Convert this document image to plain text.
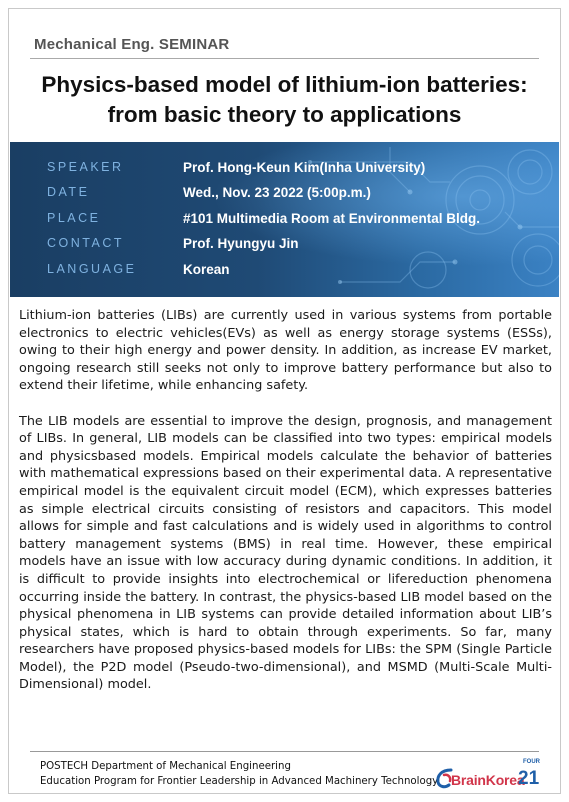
Mechanical Eng. SEMINAR
Physics-based model of lithium-ion batteries:
from basic theory to applications
SPEAKER	Prof. Hong-Keun Kim(Inha University)
DATE	Wed., Nov. 23 2022 (5:00p.m.)
PLACE	#101 Multimedia Room at Environmental Bldg.
CONTACT	Prof. Hyungyu Jin
LANGUAGE	Korean

Lithium-ion batteries (LIBs) are currently used in various systems from portable electronics to electric vehicles(EVs) as well as energy storage systems (ESSs), owing to their high energy and power density. In addition, as increase EV market, ongoing research still seeks not only to improve battery performance but also to extend their lifetime, while enhancing safety.

The LIB models are essential to improve the design, prognosis, and management of LIBs. In general, LIB models can be classified into two types: empirical models and physicsbased models. Empirical models calculate the behavior of batteries with mathematical expressions based on their experimental data. A representative empirical model is the equivalent circuit model (ECM), which expresses batteries as simple electrical circuits consisting of resistors and capacitors. This model allows for simple and fast calculations and is widely used in algorithms to control battery management systems (BMS) in real time. However, these empirical models have an issue with low accuracy during dynamic conditions. In addition, it is difficult to provide insights into electrochemical or lifereduction phenomena occurring inside the battery. In contrast, the physics-based LIB model based on the physical phenomena in LIB systems can provide detailed information about LIB’s physical states, which is hard to obtain through experiments. So far, many researchers have proposed physics-based models for LIBs: the SPM (Single Particle Model), the P2D model (Pseudo-two-dimensional), and MSMD (Multi-Scale Multi-Dimensional) model.

POSTECH Department of Mechanical Engineering
Education Program for Frontier Leadership in Advanced Machinery Technology BrainKorea
FOUR
21
